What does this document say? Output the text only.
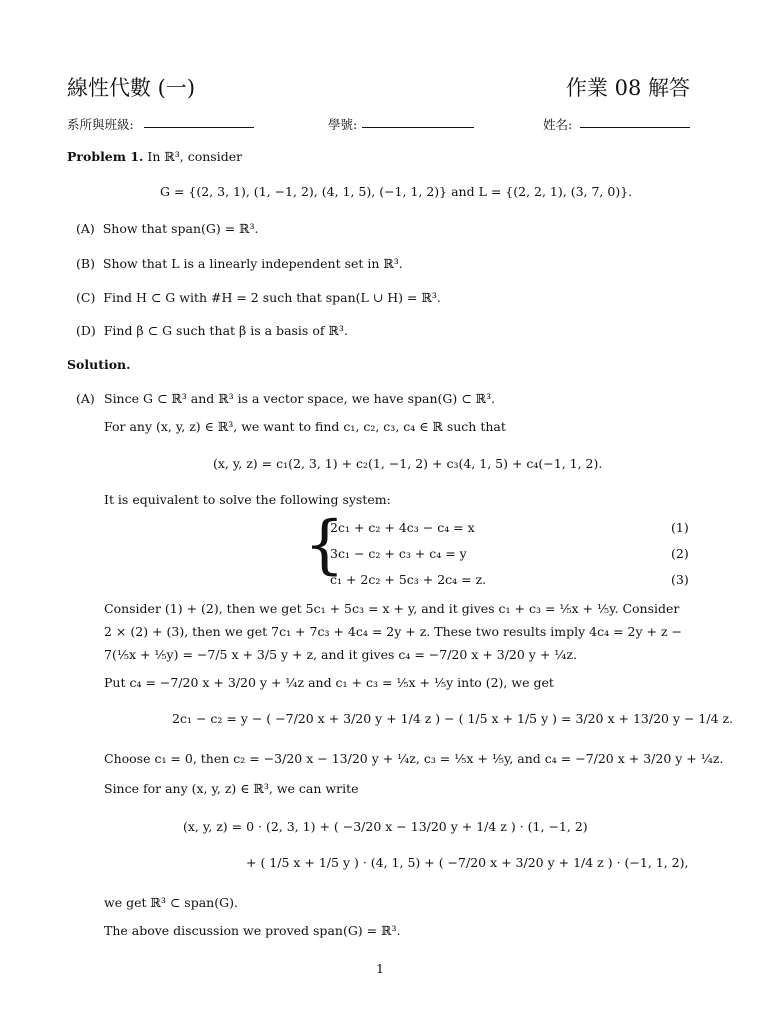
線性代數 (一)	作業 08 解答
系所與班級:	學號:	姓名:
Problem 1. In ℝ³, consider
G = {(2, 3, 1), (1, −1, 2), (4, 1, 5), (−1, 1, 2)} and L = {(2, 2, 1), (3, 7, 0)}.
(A) Show that span(G) = ℝ³.
(B) Show that L is a linearly independent set in ℝ³.
(C) Find H ⊂ G with #H = 2 such that span(L ∪ H) = ℝ³.
(D) Find β ⊂ G such that β is a basis of ℝ³.
Solution.
(A) Since G ⊂ ℝ³ and ℝ³ is a vector space, we have span(G) ⊂ ℝ³.
For any (x, y, z) ∈ ℝ³, we want to find c₁, c₂, c₃, c₄ ∈ ℝ such that
(x, y, z) = c₁(2, 3, 1) + c₂(1, −1, 2) + c₃(4, 1, 5) + c₄(−1, 1, 2).
It is equivalent to solve the following system:
{
2c₁ + c₂ + 4c₃ − c₄ = x	(1)
3c₁ − c₂ + c₃ + c₄ = y	(2)
c₁ + 2c₂ + 5c₃ + 2c₄ = z.	(3)
Consider (1) + (2), then we get 5c₁ + 5c₃ = x + y, and it gives c₁ + c₃ = ⅕x + ⅕y. Consider
2 × (2) + (3), then we get 7c₁ + 7c₃ + 4c₄ = 2y + z. These two results imply 4c₄ = 2y + z −
7(⅕x + ⅕y) = −7/5 x + 3/5 y + z, and it gives c₄ = −7/20 x + 3/20 y + ¼z.
Put c₄ = −7/20 x + 3/20 y + ¼z and c₁ + c₃ = ⅕x + ⅕y into (2), we get
2c₁ − c₂ = y − ( −7/20 x + 3/20 y + 1/4 z ) − ( 1/5 x + 1/5 y ) = 3/20 x + 13/20 y − 1/4 z.
Choose c₁ = 0, then c₂ = −3/20 x − 13/20 y + ¼z, c₃ = ⅕x + ⅕y, and c₄ = −7/20 x + 3/20 y + ¼z.
Since for any (x, y, z) ∈ ℝ³, we can write
(x, y, z) = 0 · (2, 3, 1) + ( −3/20 x − 13/20 y + 1/4 z ) · (1, −1, 2)
+ ( 1/5 x + 1/5 y ) · (4, 1, 5) + ( −7/20 x + 3/20 y + 1/4 z ) · (−1, 1, 2),
we get ℝ³ ⊂ span(G).
The above discussion we proved span(G) = ℝ³.
1
